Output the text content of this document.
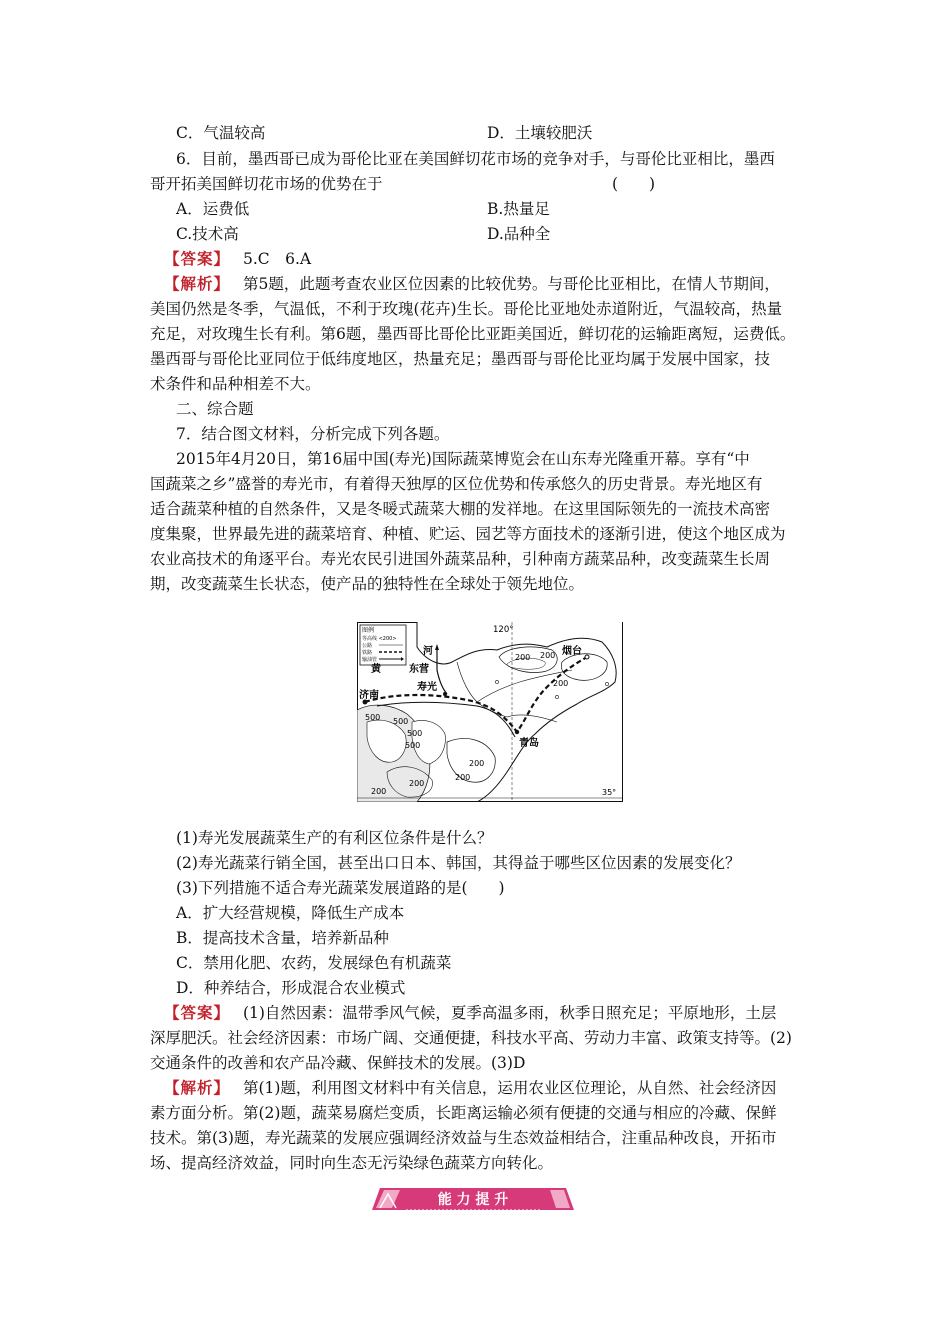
C．气温较高	D．土壤较肥沃
6．目前，墨西哥已成为哥伦比亚在美国鲜切花市场的竞争对手，与哥伦比亚相比，墨西
哥开拓美国鲜切花市场的优势在于	(　　)
A．运费低	B.热量足
C.技术高	D.品种全
【答案】 5.C　6.A
【解析】 第5题，此题考查农业区位因素的比较优势。与哥伦比亚相比，在情人节期间，
美国仍然是冬季，气温低，不利于玫瑰(花卉)生长。哥伦比亚地处赤道附近，气温较高，热量
充足，对玫瑰生长有利。第6题，墨西哥比哥伦比亚距美国近，鲜切花的运输距离短，运费低。
墨西哥与哥伦比亚同位于低纬度地区，热量充足；墨西哥与哥伦比亚均属于发展中国家，技
术条件和品种相差不大。
二、综合题
7．结合图文材料，分析完成下列各题。
2015年4月20日，第16届中国(寿光)国际蔬菜博览会在山东寿光隆重开幕。享有“中
国蔬菜之乡”盛誉的寿光市，有着得天独厚的区位优势和传承悠久的历史背景。寿光地区有
适合蔬菜种植的自然条件，又是冬暖式蔬菜大棚的发祥地。在这里国际领先的一流技术高密
度集聚，世界最先进的蔬菜培育、种植、贮运、园艺等方面技术的逐渐引进，使这个地区成为
农业高技术的角逐平台。寿光农民引进国外蔬菜品种，引种南方蔬菜品种，改变蔬菜生长周
期，改变蔬菜生长状态，使产品的独特性在全球处于领先地位。
图例
等高线 <200>
公路
铁路
输油管
120°
35°
烟台
河
东营
黄
寿光
济南
青岛
200 200
200
500 500
500
500
200
200
200
200
(1)寿光发展蔬菜生产的有利区位条件是什么？
(2)寿光蔬菜行销全国，甚至出口日本、韩国，其得益于哪些区位因素的发展变化？
(3)下列措施不适合寿光蔬菜发展道路的是(　　)
A．扩大经营规模，降低生产成本
B．提高技术含量，培养新品种
C．禁用化肥、农药，发展绿色有机蔬菜
D．种养结合，形成混合农业模式
【答案】 (1)自然因素：温带季风气候，夏季高温多雨，秋季日照充足；平原地形，土层
深厚肥沃。社会经济因素：市场广阔、交通便捷，科技水平高、劳动力丰富、政策支持等。(2)
交通条件的改善和农产品冷藏、保鲜技术的发展。(3)D
【解析】 第(1)题，利用图文材料中有关信息，运用农业区位理论，从自然、社会经济因
素方面分析。第(2)题，蔬菜易腐烂变质，长距离运输必须有便捷的交通与相应的冷藏、保鲜
技术。第(3)题，寿光蔬菜的发展应强调经济效益与生态效益相结合，注重品种改良，开拓市
场、提高经济效益，同时向生态无污染绿色蔬菜方向转化。
能 力 提 升
